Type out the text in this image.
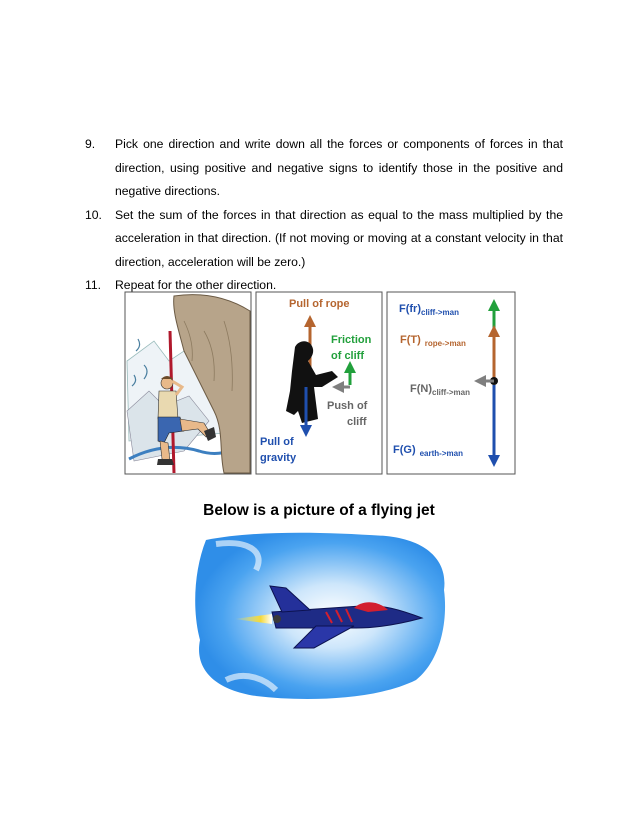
9.	Pick one direction and write down all the forces or components of forces in that direction, using positive and negative signs to identify those in the positive and negative directions.
10.	Set the sum of the forces in that direction as equal to the mass multiplied by the acceleration in that direction. (If not moving or moving at a constant velocity in that direction, acceleration will be zero.)
11.	Repeat for the other direction.
Pull of rope
Friction
of cliff
Push of
cliff
Pull of
gravity
F(fr)cliff->man
F(T) rope->man
F(N)cliff->man
F(G) earth->man
Below is a picture of a flying jet
